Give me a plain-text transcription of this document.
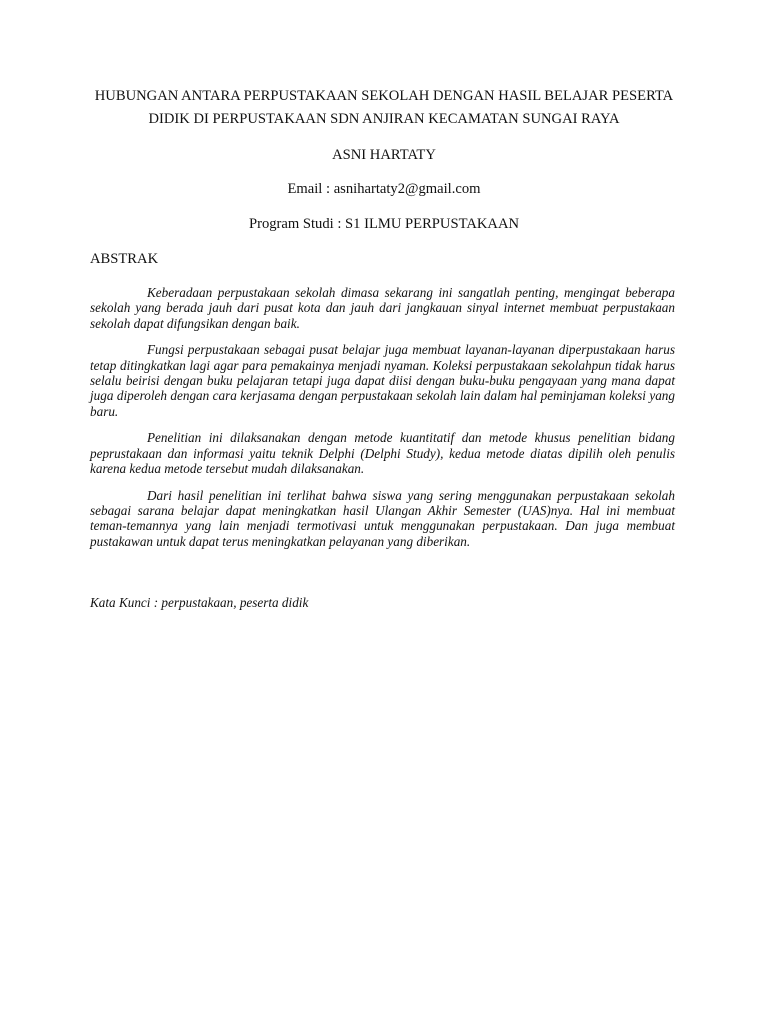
HUBUNGAN ANTARA PERPUSTAKAAN SEKOLAH DENGAN HASIL BELAJAR PESERTA
DIDIK DI PERPUSTAKAAN SDN ANJIRAN KECAMATAN SUNGAI RAYA

ASNI HARTATY

Email : asnihartaty2@gmail.com

Program Studi : S1 ILMU PERPUSTAKAAN

ABSTRAK

Keberadaan perpustakaan sekolah dimasa sekarang ini sangatlah penting, mengingat beberapa sekolah yang berada jauh dari pusat kota dan jauh dari jangkauan sinyal internet membuat perpustakaan sekolah dapat difungsikan dengan baik.

Fungsi perpustakaan sebagai pusat belajar juga membuat layanan-layanan diperpustakaan harus tetap ditingkatkan lagi agar para pemakainya menjadi nyaman. Koleksi perpustakaan sekolahpun tidak harus selalu beirisi dengan buku pelajaran tetapi juga dapat diisi dengan buku-buku pengayaan yang mana dapat juga diperoleh dengan cara kerjasama dengan perpustakaan sekolah lain dalam hal peminjaman koleksi yang baru.

Penelitian ini dilaksanakan dengan metode kuantitatif dan metode khusus penelitian bidang peprustakaan dan informasi yaitu teknik Delphi (Delphi Study), kedua metode diatas dipilih oleh penulis karena kedua metode tersebut mudah dilaksanakan.

Dari hasil penelitian ini terlihat bahwa siswa yang sering menggunakan perpustakaan sekolah sebagai sarana belajar dapat meningkatkan hasil Ulangan Akhir Semester (UAS)nya. Hal ini membuat teman-temannya yang lain menjadi termotivasi untuk menggunakan perpustakaan. Dan juga membuat pustakawan untuk dapat terus meningkatkan pelayanan yang diberikan.

Kata Kunci : perpustakaan, peserta didik
